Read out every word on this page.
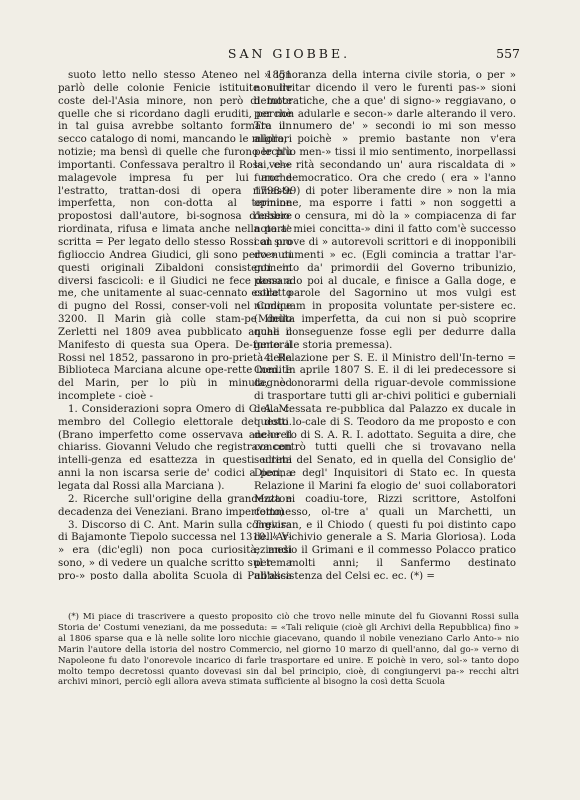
SAN GIOBBE.	557

suoto letto nello stesso Ateneo nel 1851 parlò delle colonie Fenicie istituite sulle coste del-l'Asia minore, non però di tutte quelle che si ricordano dagli eruditi, perchè in tal guisa avrebbe soltanto formato un secco catalogo di nomi, mancando le migliori notizie; ma bensì di quelle che furono le più importanti. Confessava peraltro il Rossi, che malagevole impresa fu per lui anche l'estratto, trattan-dosi di opera rimasta imperfetta, non con-dotta al termine propostosi dall'autore, bi-sognosa d'essere riordinata, rifusa e limata anche nella parte scritta = Per legato dello stesso Rossi al suo figlioccio Andrea Giudici, gli sono pervenuti questi originali Zibaldoni consistenti in diversi fascicoli: e il Giudici ne fece dono a me, che unitamente al suac-cennato estratto di pugno del Rossi, conser-voli nel Codice 3200. Il Marin già colle stam-pe dello Zerletti nel 1809 avea pubblicato anche il Manifesto di questa sua Opera. De-funto il Rossi nel 1852, passarono in pro-prietà della Biblioteca Marciana alcune ope-rette inedite del Marin, per lo più in minuta, ed incomplete - cioè -

1. Considerazioni sopra Omero di C. A. M. membro del Collegio elettorale de' dotti. (Brano imperfetto come osservava anche il chiariss. Giovanni Veludo che registrava con intelli-genza ed esattezza in questi ultimi anni la non iscarsa serie de' codici a penna legata dal Rossi alla Marciana ).

2. Ricerche sull'origine della grandezza e decadenza dei Veneziani. Brano imperfetto)

3. Discorso di C. Ant. Marin sulla congiura di Bajamonte Tiepolo successa nel 1310. « Vi » era (dic'egli) non poca curiosità, mesi sono, » di vedere un qualche scritto sul tema pro-» posto dalla abolita Scuola di Pubblica

» ignoranza della interna civile storia, o per » non irritar dicendo il vero le furenti pas-» sioni democratiche, che a que' di signo-» reggiavano, o per non adularle e secon-» darle alterando il vero. Tra il numero de' » secondi io mi son messo allora, poichè » premio bastante non v'era perch'io men-» tissi il mio sentimento, inorpellassi la ve-» rità secondando un' aura riscaldata di » furor democratico. Ora che credo ( era » l'anno 1798-99) di poter liberamente dire » non la mia opinione, ma esporre i fatti » non soggetti a dubbio o censura, mi dò la » compiacenza di far noto a' miei concitta-» dini il fatto com'è successo con prove di » autorevoli scrittori e di inopponibili do-» cumenti » ec. (Egli comincia a trattar l'ar-gomento da' primordii del Governo tribunizio, passando poi al ducale, e finisce a Galla doge, e colle parole del Sagornino ut mos vulgi est numquam in proposita voluntate per-sistere ec. (Minuta imperfetta, da cui non si può scoprire quali conseguenze fosse egli per dedurre dalla generale storia premessa).

4. Relazione per S. E. il Ministro dell'In-terno = Com. In aprile 1807 S. E. il di lei predecessore si degnò onorarmi della riguar-devole commissione di trasportare tutti gli ar-chivi politici e guberniali della cessata re-pubblica dal Palazzo ex ducale in questo lo-cale di S. Teodoro da me proposto e con de-creto di S. A. R. I. adottato. Seguita a dire, che concentrò tutti quelli che si trovavano nella secreta del Senato, ed in quella del Consiglio de' Dieci, e degl' Inquisitori di Stato ec. In questa Relazione il Marini fa elogio de' suoi collaboratori Muttoni coadiu-tore, Rizzi scrittore, Astolfoni commesso, ol-tre a' quali un Marchetti, un Trevisan, e il Chiodo ( questi fu poi distinto capo dell'Ar-chivio generale a S. Maria Gloriosa). Loda eziandio il Grimani e il commesso Polacco pratico per molti anni; il Sanfermo destinato all'assistenza del Celsi ec. ec. (*) =

(*) Mi piace di trascrivere a questo proposito ciò che trovo nelle minute del fu Giovanni Rossi sulla Storia de' Costumi veneziani, da me posseduta: = «Tali reliquie (cioè gli Archivi della Repubblica) fino » al 1806 sparse qua e là nelle solite loro nicchie giacevano, quando il nobile veneziano Carlo Anto-» nio Marin l'autore della istoria del nostro Commercio, nel giorno 10 marzo di quell'anno, dal go-» verno di Napoleone fu dato l'onorevole incarico di farle trasportare ed unire. E poichè in vero, sol-» tanto dopo molto tempo decretossi quanto dovevasi sin dal bel principio, cioè, di congiungervi pa-» recchi altri archivi minori, perciò egli allora aveva stimata sufficiente al bisogno la così detta Scuola
